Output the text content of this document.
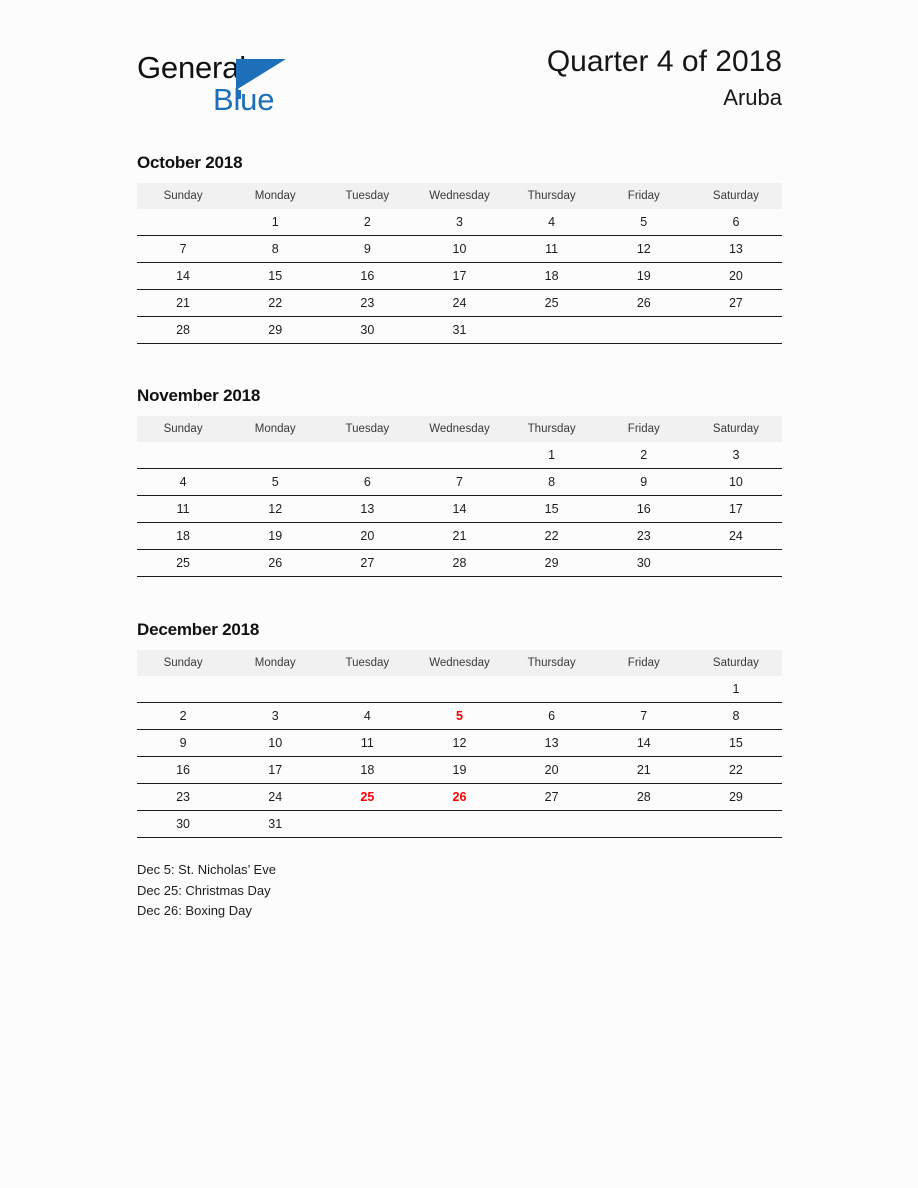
General
Blue
Quarter 4 of 2018
Aruba
October 2018
Sunday	Monday	Tuesday	Wednesday	Thursday	Friday	Saturday
	1	2	3	4	5	6
7	8	9	10	11	12	13
14	15	16	17	18	19	20
21	22	23	24	25	26	27
28	29	30	31			
November 2018
Sunday	Monday	Tuesday	Wednesday	Thursday	Friday	Saturday
				1	2	3
4	5	6	7	8	9	10
11	12	13	14	15	16	17
18	19	20	21	22	23	24
25	26	27	28	29	30	
December 2018
Sunday	Monday	Tuesday	Wednesday	Thursday	Friday	Saturday
						1
2	3	4	5	6	7	8
9	10	11	12	13	14	15
16	17	18	19	20	21	22
23	24	25	26	27	28	29
30	31					
Dec 5: St. Nicholas’ Eve
Dec 25: Christmas Day
Dec 26: Boxing Day
